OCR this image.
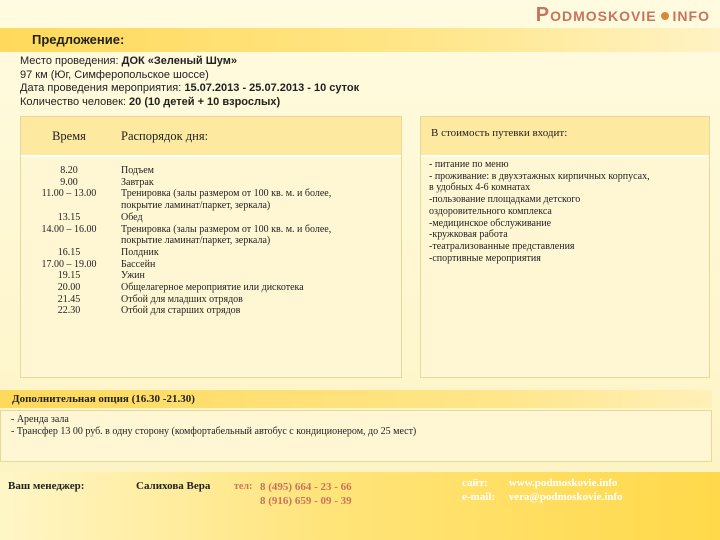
Podmoskovie info
Предложение:
Место проведения: ДОК «Зеленый Шум»
97 км (Юг, Симферопольское шоссе)
Дата проведения мероприятия: 15.07.2013 - 25.07.2013 - 10 суток
Количество человек: 20 (10 детей + 10 взрослых)
Время	Распорядок дня:
8.20
9.00
11.00 – 13.00
13.15
14.00 – 16.00
16.15
17.00 – 19.00
19.15
20.00
21.45
22.30
Подъем
Завтрак
Тренировка (залы размером от 100 кв. м. и более,
покрытие ламинат/паркет, зеркала)
Обед
Тренировка (залы размером от 100 кв. м. и более,
покрытие ламинат/паркет, зеркала)
Полдник
Бассейн
Ужин
Общелагерное мероприятие или дискотека
Отбой для младших отрядов
Отбой для старших отрядов
В стоимость путевки входит:
- питание по меню
- проживание: в двухэтажных кирпичных корпусах,
в удобных 4-6 комнатах
-пользование площадками детского
оздоровительного комплекса
-медицинское обслуживание
-кружковая работа
-театрализованные представления
-спортивные мероприятия
Дополнительная опция (16.30 -21.30)
- Аренда зала
- Трансфер 13 00 руб. в одну сторону (комфортабельный автобус с кондиционером, до 25 мест)
Ваш менеджер:	Салихова Вера тел: 8 (495) 664 - 23 - 66
8 (916) 659 - 09 - 39
сайт: www.podmoskovie.info
e-mail: vera@podmoskovie.info
